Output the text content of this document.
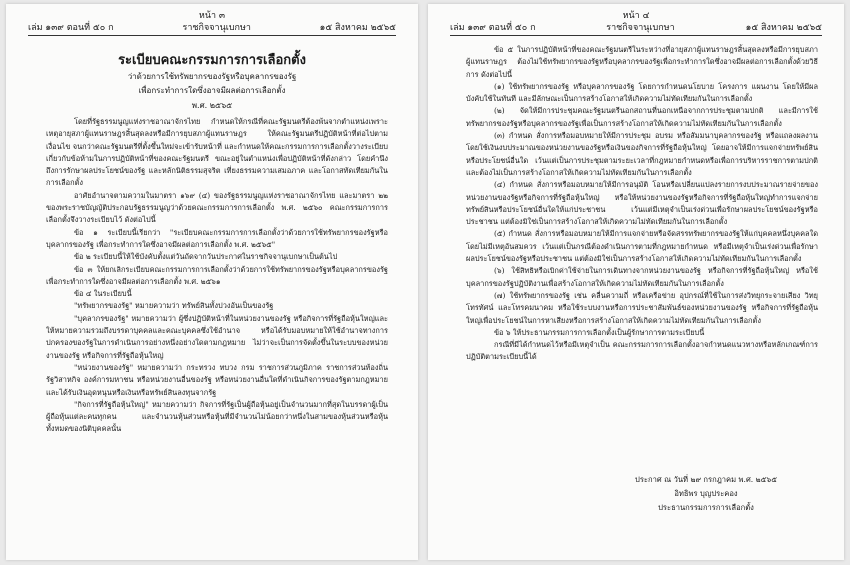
หน้า ๓
เล่ม ๑๓๙ ตอนที่ ๕๐ ก	ราชกิจจานุเบกษา	๑๕ สิงหาคม ๒๕๖๕
ระเบียบคณะกรรมการการเลือกตั้ง
ว่าด้วยการใช้ทรัพยากรของรัฐหรือบุคลากรของรัฐ
เพื่อกระทำการใดซึ่งอาจมีผลต่อการเลือกตั้ง
พ.ศ. ๒๕๖๕

โดยที่รัฐธรรมนูญแห่งราชอาณาจักรไทย กำหนดให้กรณีที่คณะรัฐมนตรีต้องพ้นจากตำแหน่งเพราะเหตุอายุสภาผู้แทนราษฎรสิ้นสุดลงหรือมีการยุบสภาผู้แทนราษฎร ให้คณะรัฐมนตรีปฏิบัติหน้าที่ต่อไปตามเงื่อนไข จนกว่าคณะรัฐมนตรีที่ตั้งขึ้นใหม่จะเข้ารับหน้าที่ และกำหนดให้คณะกรรมการการเลือกตั้งวางระเบียบเกี่ยวกับข้อห้ามในการปฏิบัติหน้าที่ของคณะรัฐมนตรี ขณะอยู่ในตำแหน่งเพื่อปฏิบัติหน้าที่ดังกล่าว โดยคำนึงถึงการรักษาผลประโยชน์ของรัฐ และหลักนิติธรรมสุจริต เที่ยงธรรมความเสมอภาค และโอกาสทัดเทียมกันในการเลือกตั้ง

อาศัยอำนาจตามความในมาตรา ๑๖๙ (๔) ของรัฐธรรมนูญแห่งราชอาณาจักรไทย และมาตรา ๒๒ ของพระราชบัญญัติประกอบรัฐธรรมนูญว่าด้วยคณะกรรมการการเลือกตั้ง พ.ศ. ๒๕๖๐ คณะกรรมการการเลือกตั้งจึงวางระเบียบไว้ ดังต่อไปนี้

ข้อ ๑ ระเบียบนี้เรียกว่า "ระเบียบคณะกรรมการการเลือกตั้งว่าด้วยการใช้ทรัพยากรของรัฐหรือบุคลากรของรัฐ เพื่อกระทำการใดซึ่งอาจมีผลต่อการเลือกตั้ง พ.ศ. ๒๕๖๕"

ข้อ ๒ ระเบียบนี้ให้ใช้บังคับตั้งแต่วันถัดจากวันประกาศในราชกิจจานุเบกษาเป็นต้นไป

ข้อ ๓ ให้ยกเลิกระเบียบคณะกรรมการการเลือกตั้งว่าด้วยการใช้ทรัพยากรของรัฐหรือบุคลากรของรัฐ เพื่อกระทำการใดซึ่งอาจมีผลต่อการเลือกตั้ง พ.ศ. ๒๕๖๑

ข้อ ๔ ในระเบียบนี้

"ทรัพยากรของรัฐ" หมายความว่า ทรัพย์สินทั้งปวงอันเป็นของรัฐ

"บุคลากรของรัฐ" หมายความว่า ผู้ซึ่งปฏิบัติหน้าที่ในหน่วยงานของรัฐ หรือกิจการที่รัฐถือหุ้นใหญ่และให้หมายความรวมถึงบรรดาบุคคลและคณะบุคคลซึ่งใช้อำนาจ หรือได้รับมอบหมายให้ใช้อำนาจทางการปกครองของรัฐในการดำเนินการอย่างหนึ่งอย่างใดตามกฎหมาย ไม่ว่าจะเป็นการจัดตั้งขึ้นในระบบของหน่วยงานของรัฐ หรือกิจการที่รัฐถือหุ้นใหญ่

"หน่วยงานของรัฐ" หมายความว่า กระทรวง ทบวง กรม ราชการส่วนภูมิภาค ราชการส่วนท้องถิ่น รัฐวิสาหกิจ องค์การมหาชน หรือหน่วยงานอื่นของรัฐ หรือหน่วยงานอื่นใดที่ดำเนินกิจการของรัฐตามกฎหมายและได้รับเงินอุดหนุนหรือเงินหรือทรัพย์สินลงทุนจากรัฐ

"กิจการที่รัฐถือหุ้นใหญ่" หมายความว่า กิจการที่รัฐเป็นผู้ถือหุ้นอยู่เป็นจำนวนมากที่สุดในบรรดาผู้เป็นผู้ถือหุ้นแต่ละคนทุกคน และจำนวนหุ้นส่วนหรือหุ้นที่มีจำนวนไม่น้อยกว่าหนึ่งในสามของหุ้นส่วนหรือหุ้นทั้งหมดของนิติบุคคลนั้น

หน้า ๔
เล่ม ๑๓๙ ตอนที่ ๕๐ ก	ราชกิจจานุเบกษา	๑๕ สิงหาคม ๒๕๖๕

ข้อ ๕ ในการปฏิบัติหน้าที่ของคณะรัฐมนตรีในระหว่างที่อายุสภาผู้แทนราษฎรสิ้นสุดลงหรือมีการยุบสภาผู้แทนราษฎร ต้องไม่ใช้ทรัพยากรของรัฐหรือบุคลากรของรัฐเพื่อกระทำการใดซึ่งอาจมีผลต่อการเลือกตั้งด้วยวิธีการ ดังต่อไปนี้

(๑) ใช้ทรัพยากรของรัฐ หรือบุคลากรของรัฐ โดยการกำหนดนโยบาย โครงการ แผนงาน โดยให้มีผลบังคับใช้ในทันที และมีลักษณะเป็นการสร้างโอกาสให้เกิดความไม่ทัดเทียมกันในการเลือกตั้ง

(๒) จัดให้มีการประชุมคณะรัฐมนตรีนอกสถานที่นอกเหนือจากการประชุมตามปกติ และมีการใช้ทรัพยากรของรัฐหรือบุคลากรของรัฐเพื่อเป็นการสร้างโอกาสให้เกิดความไม่ทัดเทียมกันในการเลือกตั้ง

(๓) กำหนด สั่งการหรือมอบหมายให้มีการประชุม อบรม หรือสัมมนาบุคลากรของรัฐ หรือแถลงผลงาน โดยใช้เงินงบประมาณของหน่วยงานของรัฐหรือเงินของกิจการที่รัฐถือหุ้นใหญ่ โดยอาจให้มีการแจกจ่ายทรัพย์สินหรือประโยชน์อื่นใด เว้นแต่เป็นการประชุมตามระยะเวลาที่กฎหมายกำหนดหรือเพื่อการบริหารราชการตามปกติ และต้องไม่เป็นการสร้างโอกาสให้เกิดความไม่ทัดเทียมกันในการเลือกตั้ง

(๔) กำหนด สั่งการหรือมอบหมายให้มีการอนุมัติ โอนหรือเปลี่ยนแปลงรายการงบประมาณรายจ่ายของหน่วยงานของรัฐหรือกิจการที่รัฐถือหุ้นใหญ่ หรือให้หน่วยงานของรัฐหรือกิจการที่รัฐถือหุ้นใหญ่ทำการแจกจ่ายทรัพย์สินหรือประโยชน์อื่นใดให้แก่ประชาชน เว้นแต่มีเหตุจำเป็นเร่งด่วนเพื่อรักษาผลประโยชน์ของรัฐหรือประชาชน แต่ต้องมิใช่เป็นการสร้างโอกาสให้เกิดความไม่ทัดเทียมกันในการเลือกตั้ง

(๕) กำหนด สั่งการหรือมอบหมายให้มีการแจกจ่ายหรือจัดสรรทรัพยากรของรัฐให้แก่บุคคลหนึ่งบุคคลใด โดยไม่มีเหตุอันสมควร เว้นแต่เป็นกรณีต้องดำเนินการตามที่กฎหมายกำหนด หรือมีเหตุจำเป็นเร่งด่วนเพื่อรักษาผลประโยชน์ของรัฐหรือประชาชน แต่ต้องมิใช่เป็นการสร้างโอกาสให้เกิดความไม่ทัดเทียมกันในการเลือกตั้ง

(๖) ใช้สิทธิหรือเบิกค่าใช้จ่ายในการเดินทางจากหน่วยงานของรัฐ หรือกิจการที่รัฐถือหุ้นใหญ่ หรือใช้บุคลากรของรัฐปฏิบัติงานเพื่อสร้างโอกาสให้เกิดความไม่ทัดเทียมกันในการเลือกตั้ง

(๗) ใช้ทรัพยากรของรัฐ เช่น คลื่นความถี่ หรือเครือข่าย อุปกรณ์ที่ใช้ในการส่งวิทยุกระจายเสียง วิทยุโทรทัศน์ และโทรคมนาคม หรือใช้ระบบงานหรือการประชาสัมพันธ์ของหน่วยงานของรัฐ หรือกิจการที่รัฐถือหุ้นใหญ่เพื่อประโยชน์ในการหาเสียงหรือการสร้างโอกาสให้เกิดความไม่ทัดเทียมกันในการเลือกตั้ง

ข้อ ๖ ให้ประธานกรรมการการเลือกตั้งเป็นผู้รักษาการตามระเบียบนี้

กรณีที่มีได้กำหนดไว้หรือมีเหตุจำเป็น คณะกรรมการการเลือกตั้งอาจกำหนดแนวทางหรือหลักเกณฑ์การปฏิบัติตามระเบียบนี้ได้

ประกาศ ณ วันที่ ๒๙ กรกฎาคม พ.ศ. ๒๕๖๕
อิทธิพร บุญประคอง
ประธานกรรมการการเลือกตั้ง
